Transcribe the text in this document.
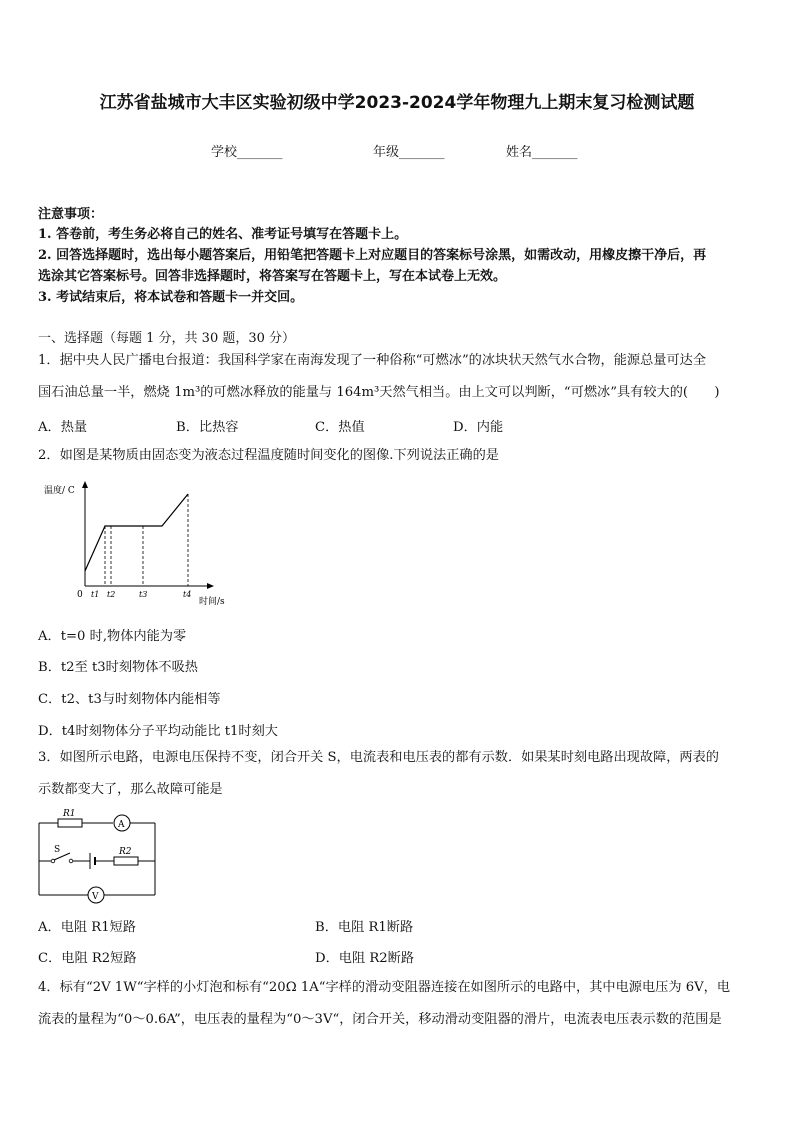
江苏省盐城市大丰区实验初级中学2023-2024学年物理九上期末复习检测试题
学校_______	年级_______	姓名_______
注意事项：
1. 答卷前，考生务必将自己的姓名、准考证号填写在答题卡上。
2. 回答选择题时，选出每小题答案后，用铅笔把答题卡上对应题目的答案标号涂黑，如需改动，用橡皮擦干净后，再
选涂其它答案标号。回答非选择题时，将答案写在答题卡上，写在本试卷上无效。
3. 考试结束后，将本试卷和答题卡一并交回。
一、选择题（每题 1 分，共 30 题，30 分）
1．据中央人民广播电台报道：我国科学家在南海发现了一种俗称“可燃冰”的冰块状天然气水合物，能源总量可达全
国石油总量一半，燃烧 1m³的可燃冰释放的能量与 164m³天然气相当。由上文可以判断，“可燃冰”具有较大的(　　)
A．热量	B．比热容	C．热值	D．内能
2．如图是某物质由固态变为液态过程温度随时间变化的图像.下列说法正确的是
温度/ C
时间/s
0 t1 t2	t3	t4
A．t=0 时,物体内能为零
B．t2至 t3时刻物体不吸热
C．t2、t3与时刻物体内能相等
D．t4时刻物体分子平均动能比 t1时刻大
3．如图所示电路，电源电压保持不变，闭合开关 S，电流表和电压表的都有示数．如果某时刻电路出现故障，两表的
示数都变大了，那么故障可能是
R1
A
S	R2
V
A．电阻 R1短路	B．电阻 R1断路
C．电阻 R2短路	D．电阻 R2断路
4．标有“2V 1W“字样的小灯泡和标有“20Ω 1A“字样的滑动变阻器连接在如图所示的电路中，其中电源电压为 6V，电
流表的量程为“0～0.6A”，电压表的量程为“0～3V“，闭合开关，移动滑动变阻器的滑片，电流表电压表示数的范围是
